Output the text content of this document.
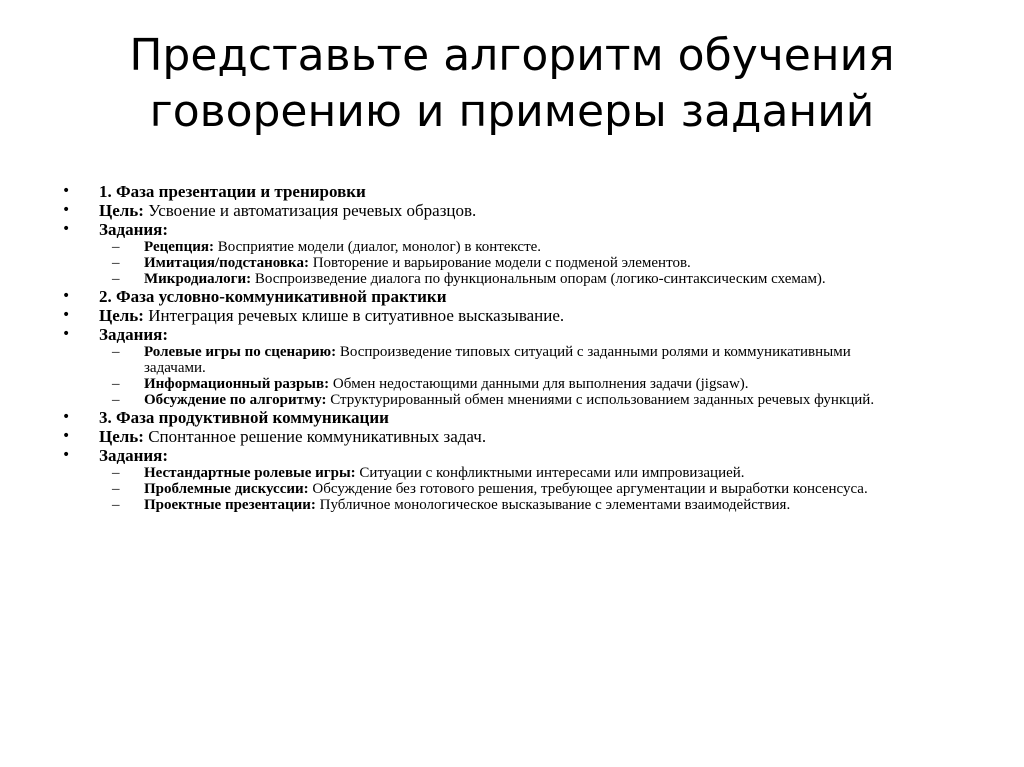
Представьте алгоритм обучения
говорению и примеры заданий
•	1. Фаза презентации и тренировки
•	Цель: Усвоение и автоматизация речевых образцов.
•	Задания:
– Рецепция: Восприятие модели (диалог, монолог) в контексте.
– Имитация/подстановка: Повторение и варьирование модели с подменой элементов.
– Микродиалоги: Воспроизведение диалога по функциональным опорам (логико-синтаксическим схемам).
•	2. Фаза условно-коммуникативной практики
•	Цель: Интеграция речевых клише в ситуативное высказывание.
•	Задания:
– Ролевые игры по сценарию: Воспроизведение типовых ситуаций с заданными ролями и коммуникативными задачами.
– Информационный разрыв: Обмен недостающими данными для выполнения задачи (jigsaw).
– Обсуждение по алгоритму: Структурированный обмен мнениями с использованием заданных речевых функций.
•	3. Фаза продуктивной коммуникации
•	Цель: Спонтанное решение коммуникативных задач.
•	Задания:
– Нестандартные ролевые игры: Ситуации с конфликтными интересами или импровизацией.
– Проблемные дискуссии: Обсуждение без готового решения, требующее аргументации и выработки консенсуса.
– Проектные презентации: Публичное монологическое высказывание с элементами взаимодействия.
